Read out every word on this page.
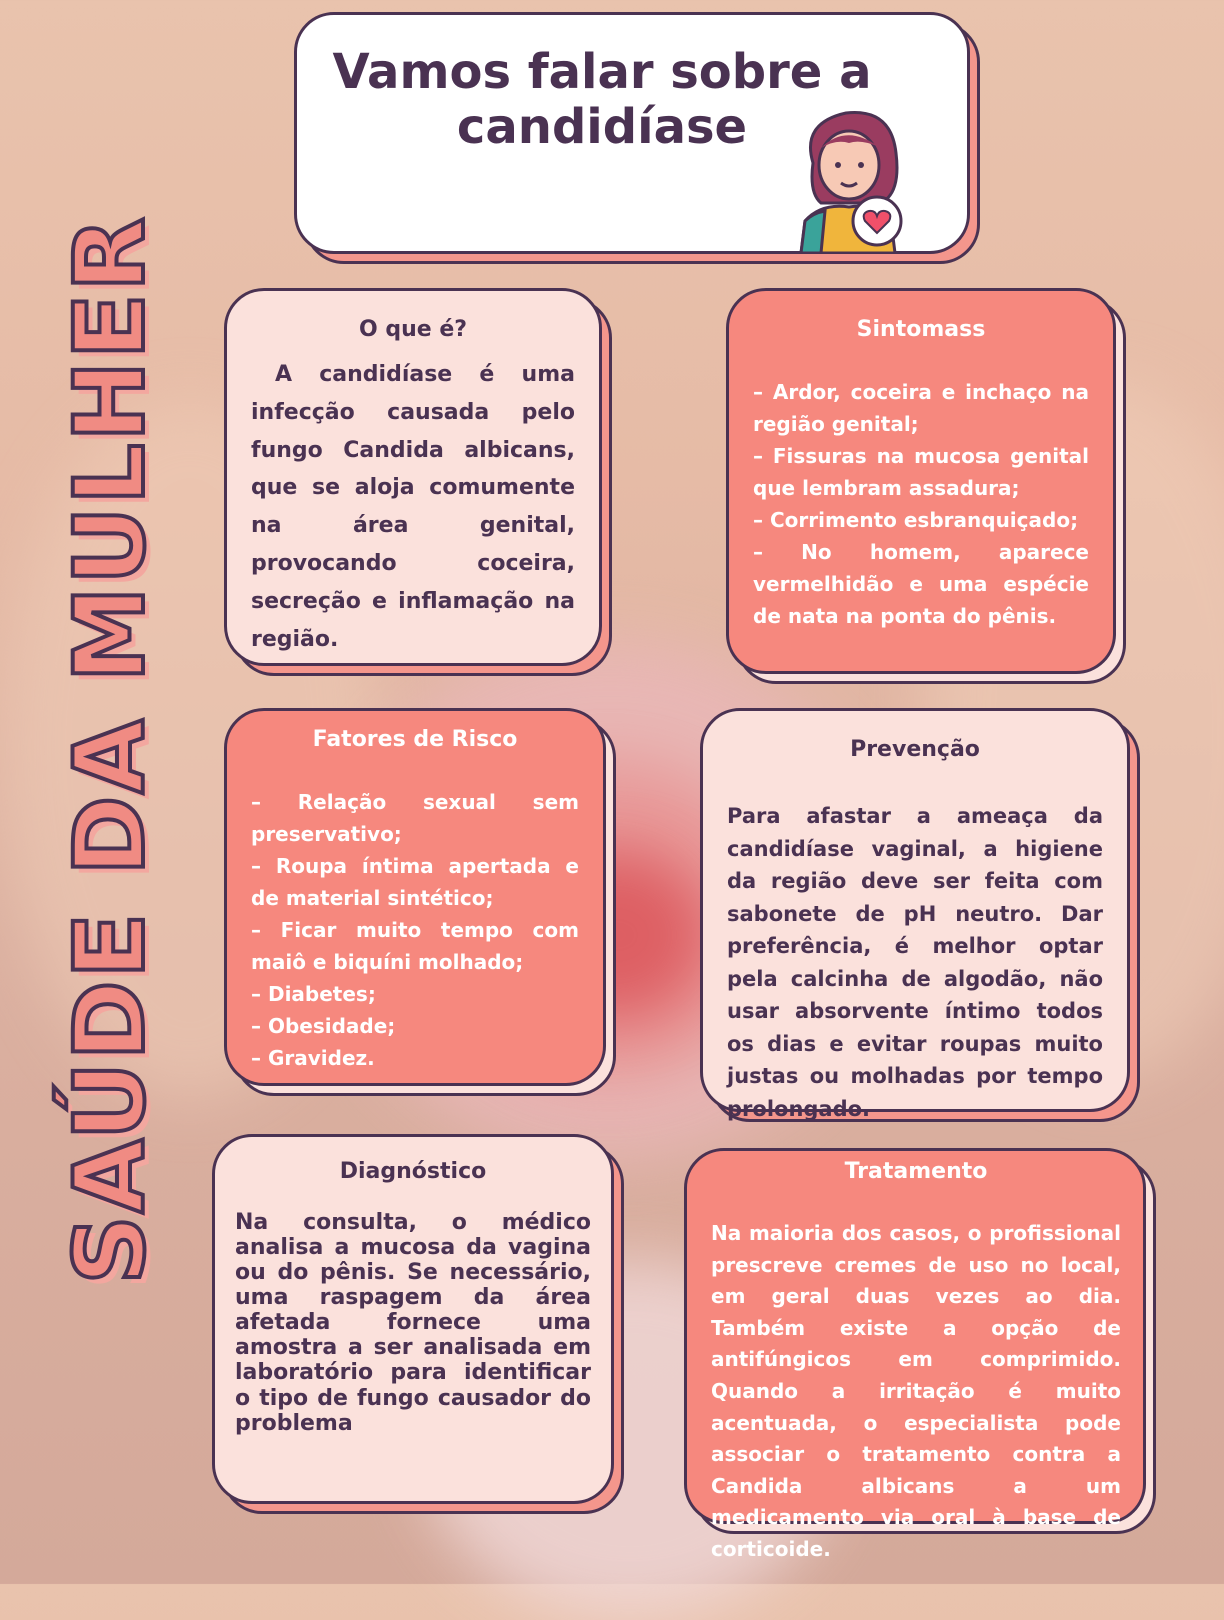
SAÚDE DA MULHER
Vamos falar sobre a
candidíase
O que é?

A candidíase é uma infecção causada pelo fungo Candida albicans, que se aloja comumente na área genital, provocando coceira, secreção e inflamação na região.

Sintomass
– Ardor, coceira e inchaço na região genital;
– Fissuras na mucosa genital que lembram assadura;
– Corrimento esbranquiçado;
– No homem, aparece vermelhidão e uma espécie de nata na ponta do pênis.
Fatores de Risco
– Relação sexual sem preservativo;
– Roupa íntima apertada e de material sintético;
– Ficar muito tempo com maiô e biquíni molhado;
– Diabetes;
– Obesidade;
– Gravidez.
Prevenção

Para afastar a ameaça da candidíase vaginal, a higiene da região deve ser feita com sabonete de pH neutro. Dar preferência, é melhor optar pela calcinha de algodão, não usar absorvente íntimo todos os dias e evitar roupas muito justas ou molhadas por tempo prolongado.

Diagnóstico

Na consulta, o médico analisa a mucosa da vagina ou do pênis. Se necessário, uma raspagem da área afetada fornece uma amostra a ser analisada em laboratório para identificar o tipo de fungo causador do problema

Tratamento

Na maioria dos casos, o profissional prescreve cremes de uso no local, em geral duas vezes ao dia. Também existe a opção de antifúngicos em comprimido. Quando a irritação é muito acentuada, o especialista pode associar o tratamento contra a Candida albicans a um medicamento via oral à base de corticoide.
